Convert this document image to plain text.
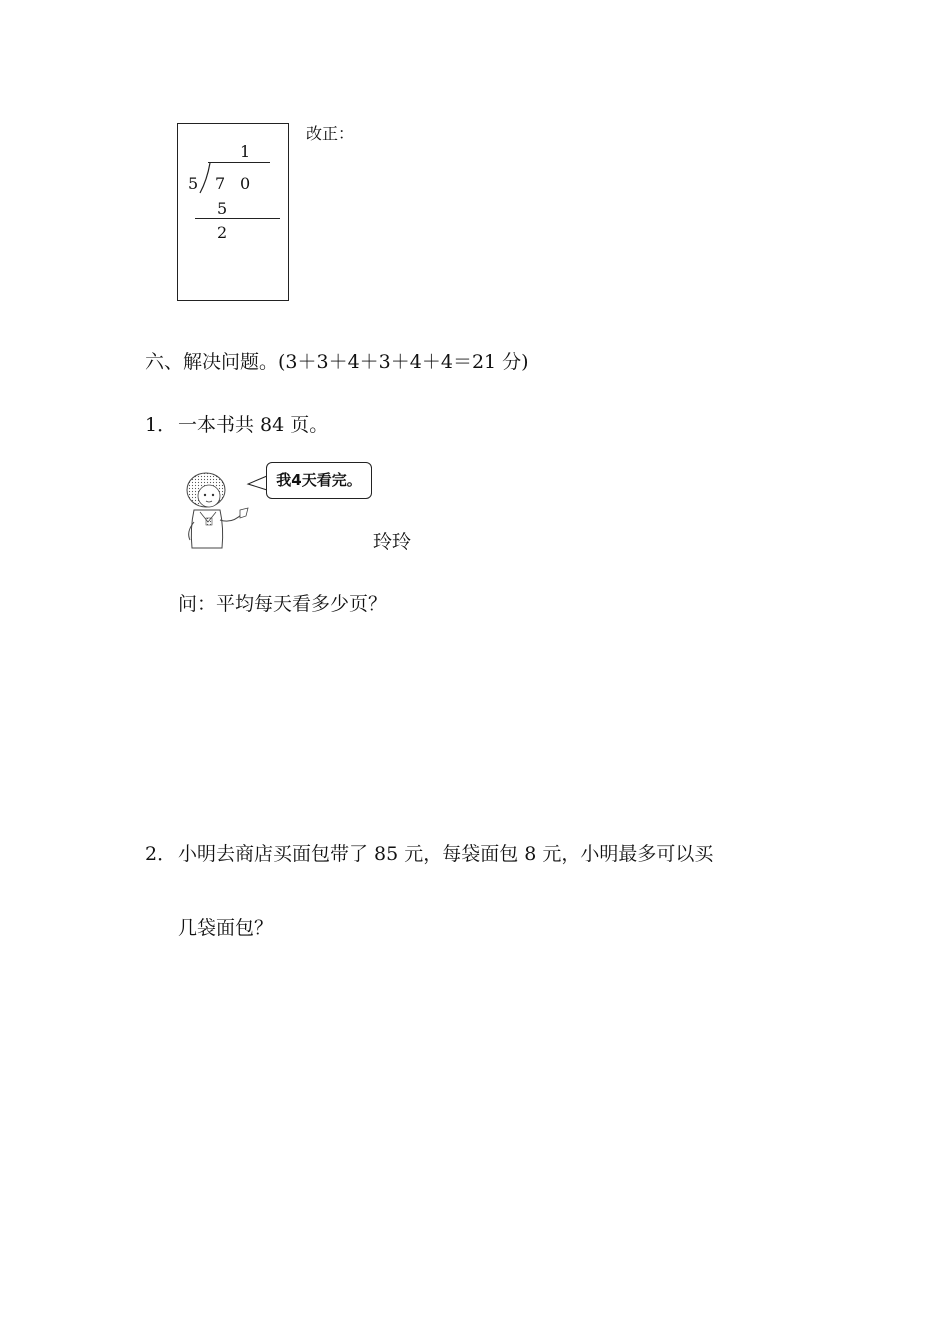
1
5 7 0
5
2
改正：
六、解决问题。(3＋3＋4＋3＋4＋4＝21 分)
1． 一本书共 84 页。
我4天看完。
玲玲
问：平均每天看多少页？
2． 小明去商店买面包带了 85 元，每袋面包 8 元，小明最多可以买
几袋面包？
